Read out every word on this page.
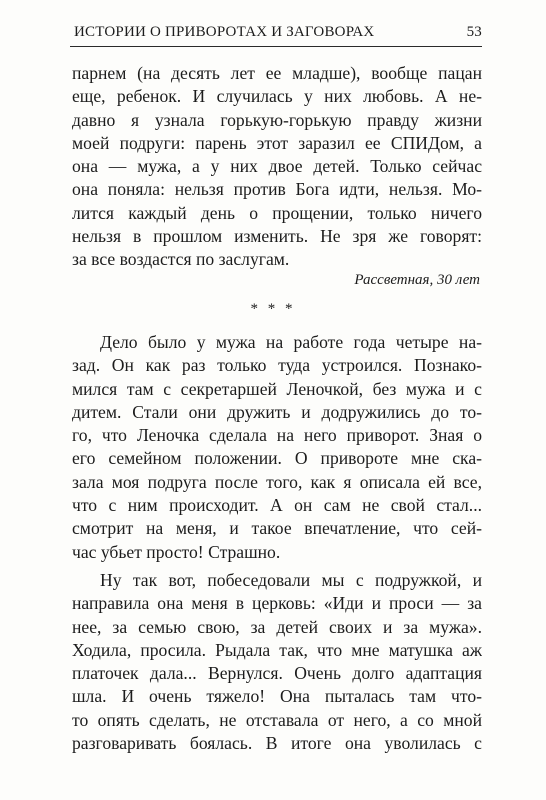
ИСТОРИИ О ПРИВОРОТАХ И ЗАГОВОРАХ	53
парнем (на десять лет ее младше), вообще пацан
еще, ребенок. И случилась у них любовь. А не-
давно я узнала горькую-горькую правду жизни
моей подруги: парень этот заразил ее СПИДом, а
она — мужа, а у них двое детей. Только сейчас
она поняла: нельзя против Бога идти, нельзя. Мо-
лится каждый день о прощении, только ничего
нельзя в прошлом изменить. Не зря же говорят:
за все воздастся по заслугам.
Рассветная, 30 лет
* * *
Дело было у мужа на работе года четыре на-
зад. Он как раз только туда устроился. Познако-
мился там с секретаршей Леночкой, без мужа и с
дитем. Стали они дружить и додружились до то-
го, что Леночка сделала на него приворот. Зная о
его семейном положении. О привороте мне ска-
зала моя подруга после того, как я описала ей все,
что с ним происходит. А он сам не свой стал...
смотрит на меня, и такое впечатление, что сей-
час убьет просто! Страшно.
Ну так вот, побеседовали мы с подружкой, и
направила она меня в церковь: «Иди и проси — за
нее, за семью свою, за детей своих и за мужа».
Ходила, просила. Рыдала так, что мне матушка аж
платочек дала... Вернулся. Очень долго адаптация
шла. И очень тяжело! Она пыталась там что-
то опять сделать, не отставала от него, а со мной
разговаривать боялась. В итоге она уволилась с
